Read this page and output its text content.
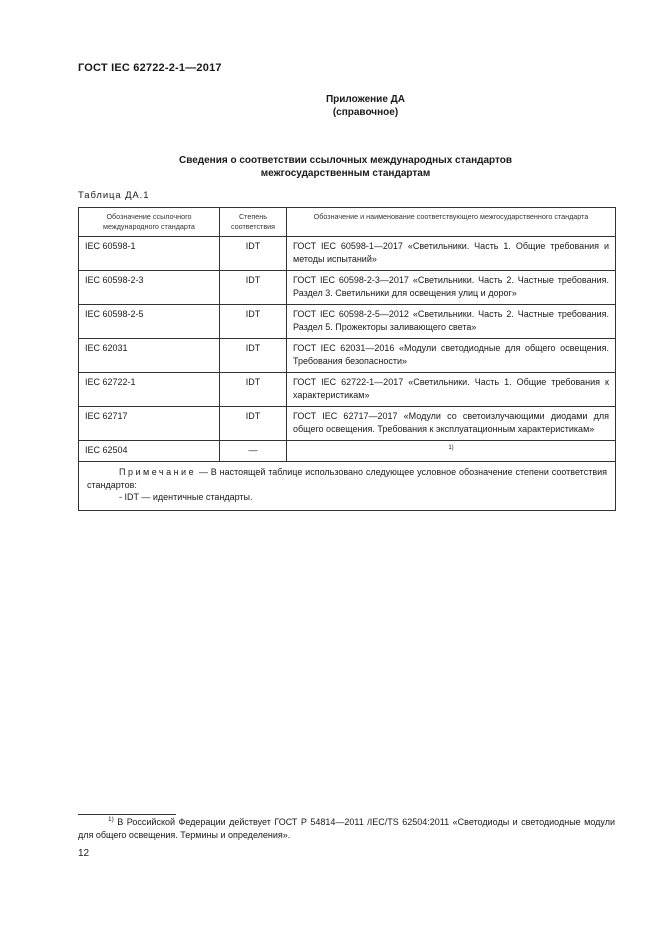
ГОСТ IEC 62722-2-1—2017
Приложение ДА
(справочное)
Сведения о соответствии ссылочных международных стандартов
межгосударственным стандартам
Таблица ДА.1
Обозначение ссылочного международного стандарта	Степень соответствия	Обозначение и наименование соответствующего межгосударственного стандарта
IEC 60598-1	IDT	ГОСТ IEC 60598-1—2017 «Светильники. Часть 1. Общие требования и методы испытаний»
IEC 60598-2-3	IDT	ГОСТ IEC 60598-2-3—2017 «Светильники. Часть 2. Частные требования. Раздел 3. Светильники для освещения улиц и дорог»
IEC 60598-2-5	IDT	ГОСТ IEC 60598-2-5—2012 «Светильники. Часть 2. Частные требования. Раздел 5. Прожекторы заливающего света»
IEC 62031	IDT	ГОСТ IEC 62031—2016 «Модули светодиодные для общего освещения. Требования безопасности»
IEC 62722-1	IDT	ГОСТ IEC 62722-1—2017 «Светильники. Часть 1. Общие требования к характеристикам»
IEC 62717	IDT	ГОСТ IEC 62717—2017 «Модули со светоизлучающими диодами для общего освещения. Требования к эксплуатационным характеристикам»
IEC 62504	—	$^{1)}$

Примечание — В настоящей таблице использовано следующее условное обозначение степени соответствия стандартов:
- IDT — идентичные стандарты.		
$^{1)}$ В Российской Федерации действует ГОСТ Р 54814—2011 /IEC/TS 62504:2011 «Светодиоды и светодиодные модули для общего освещения. Термины и определения».
12
